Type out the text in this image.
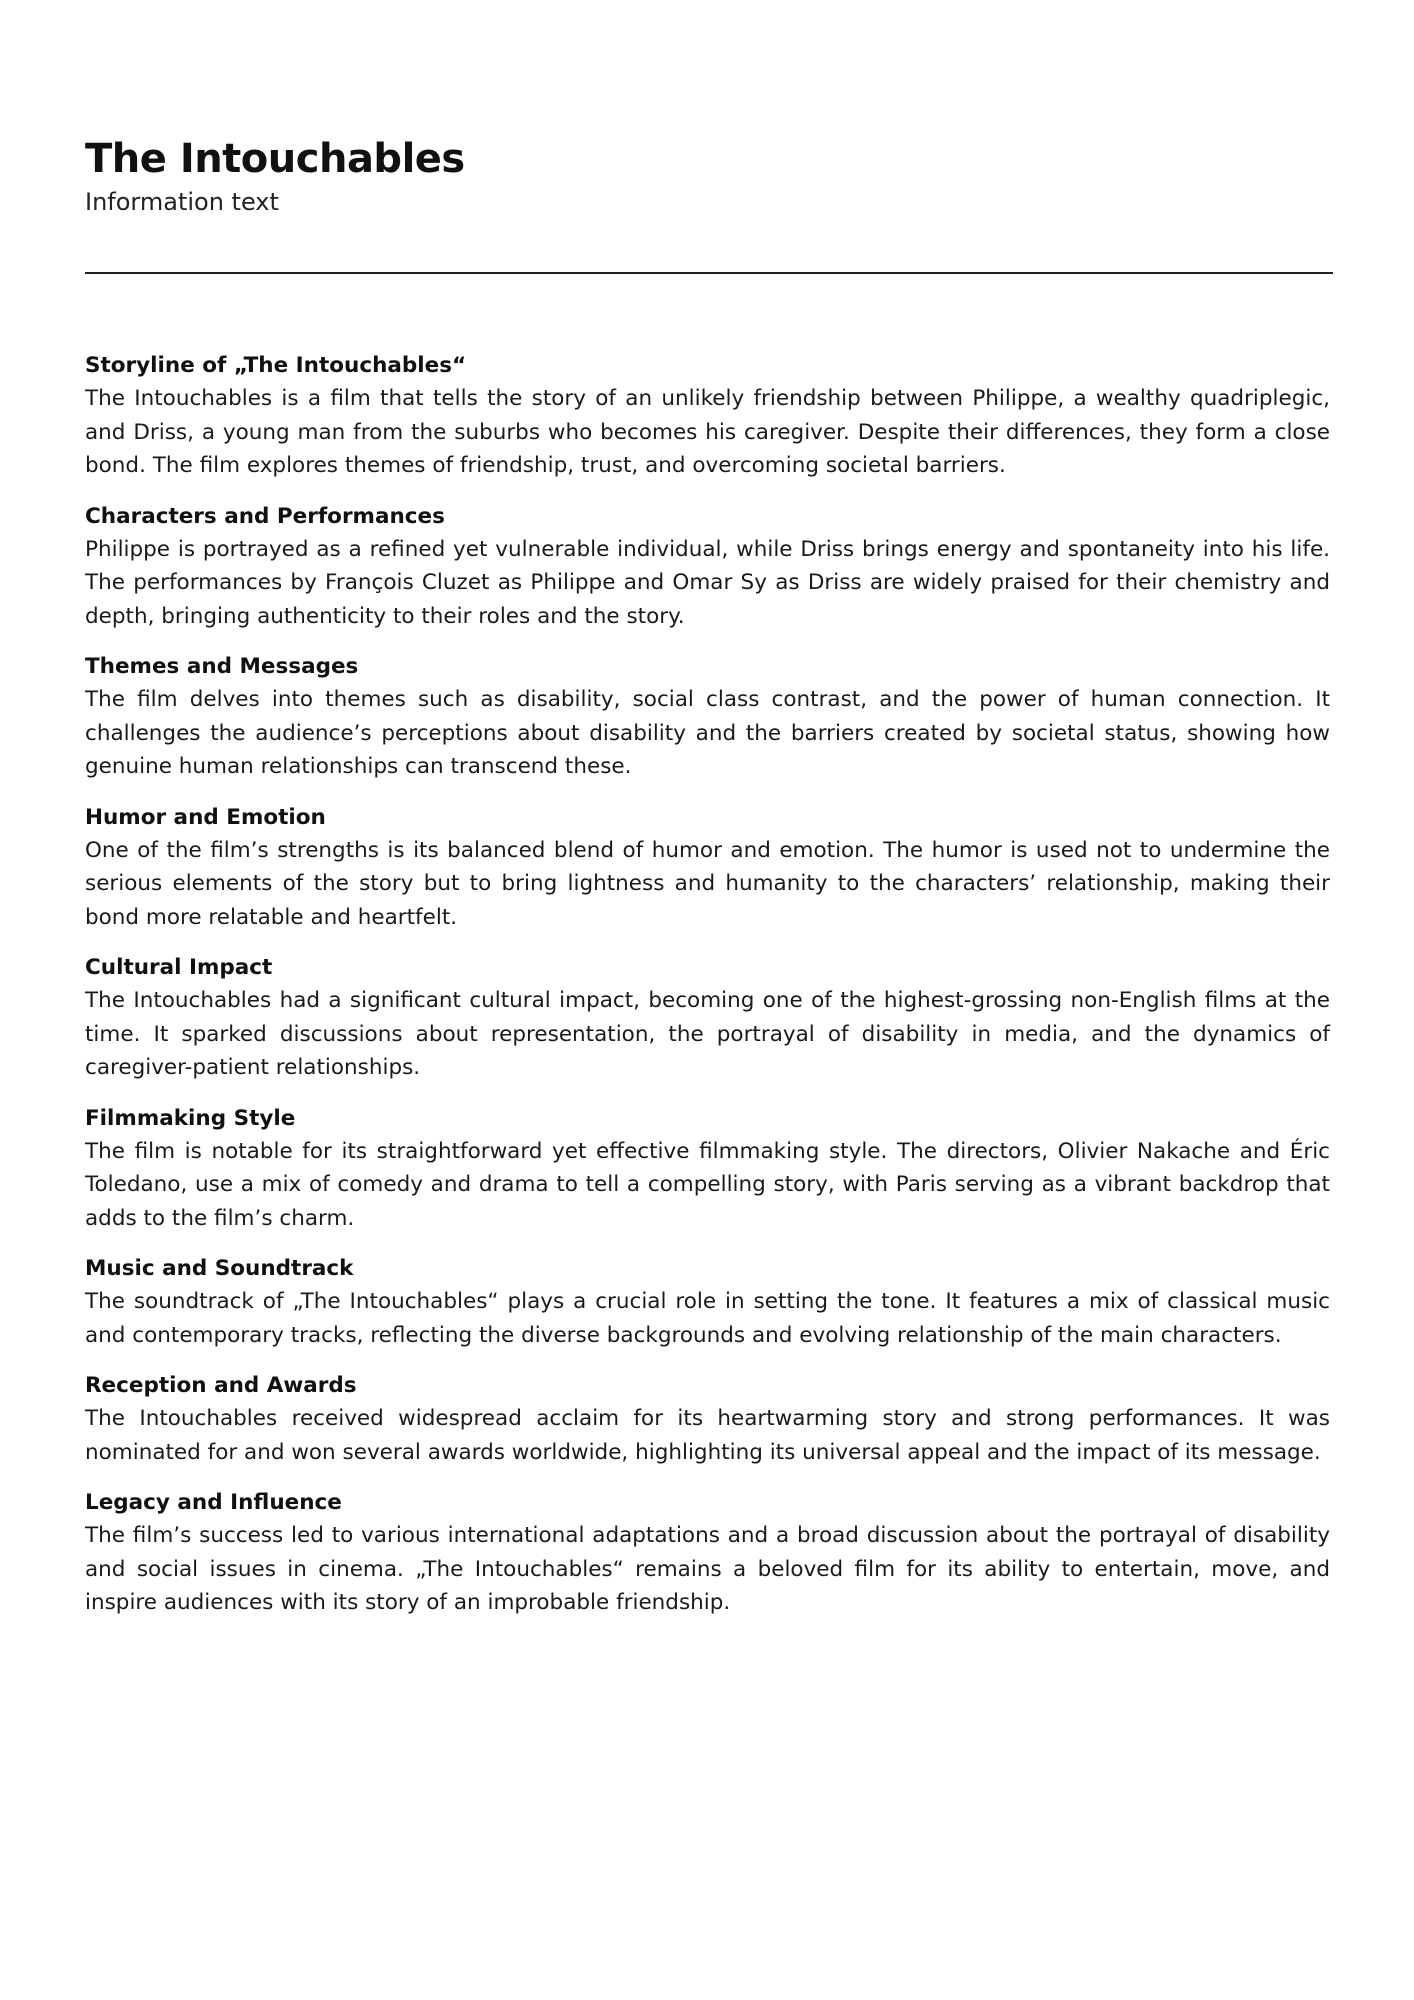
The Intouchables

Information text

Storyline of „The Intouchables“

The Intouchables is a film that tells the story of an unlikely friendship between Philippe, a wealthy quadriplegic, and Driss, a young man from the suburbs who becomes his caregiver. Despite their differences, they form a close bond. The film explores themes of friendship, trust, and overcoming societal barriers.

Characters and Performances

Philippe is portrayed as a refined yet vulnerable individual, while Driss brings energy and spontaneity into his life. The performances by François Cluzet as Philippe and Omar Sy as Driss are widely praised for their chemistry and depth, bringing authenticity to their roles and the story.

Themes and Messages

The film delves into themes such as disability, social class contrast, and the power of human connection. It challenges the audience’s perceptions about disability and the barriers created by societal status, showing how genuine human relationships can transcend these.

Humor and Emotion

One of the film’s strengths is its balanced blend of humor and emotion. The humor is used not to undermine the serious elements of the story but to bring lightness and humanity to the characters’ relationship, making their bond more relatable and heartfelt.

Cultural Impact

The Intouchables had a significant cultural impact, becoming one of the highest-grossing non-English films at the time. It sparked discussions about representation, the portrayal of disability in media, and the dynamics of caregiver-patient relationships.

Filmmaking Style

The film is notable for its straightforward yet effective filmmaking style. The directors, Olivier Nakache and Éric Toledano, use a mix of comedy and drama to tell a compelling story, with Paris serving as a vibrant backdrop that adds to the film’s charm.

Music and Soundtrack

The soundtrack of „The Intouchables“ plays a crucial role in setting the tone. It features a mix of classical music and contemporary tracks, reflecting the diverse backgrounds and evolving relationship of the main characters.

Reception and Awards

The Intouchables received widespread acclaim for its heartwarming story and strong performances. It was nominated for and won several awards worldwide, highlighting its universal appeal and the impact of its message.

Legacy and Influence

The film’s success led to various international adaptations and a broad discussion about the portrayal of disability and social issues in cinema. „The Intouchables“ remains a beloved film for its ability to entertain, move, and inspire audiences with its story of an improbable friendship.
